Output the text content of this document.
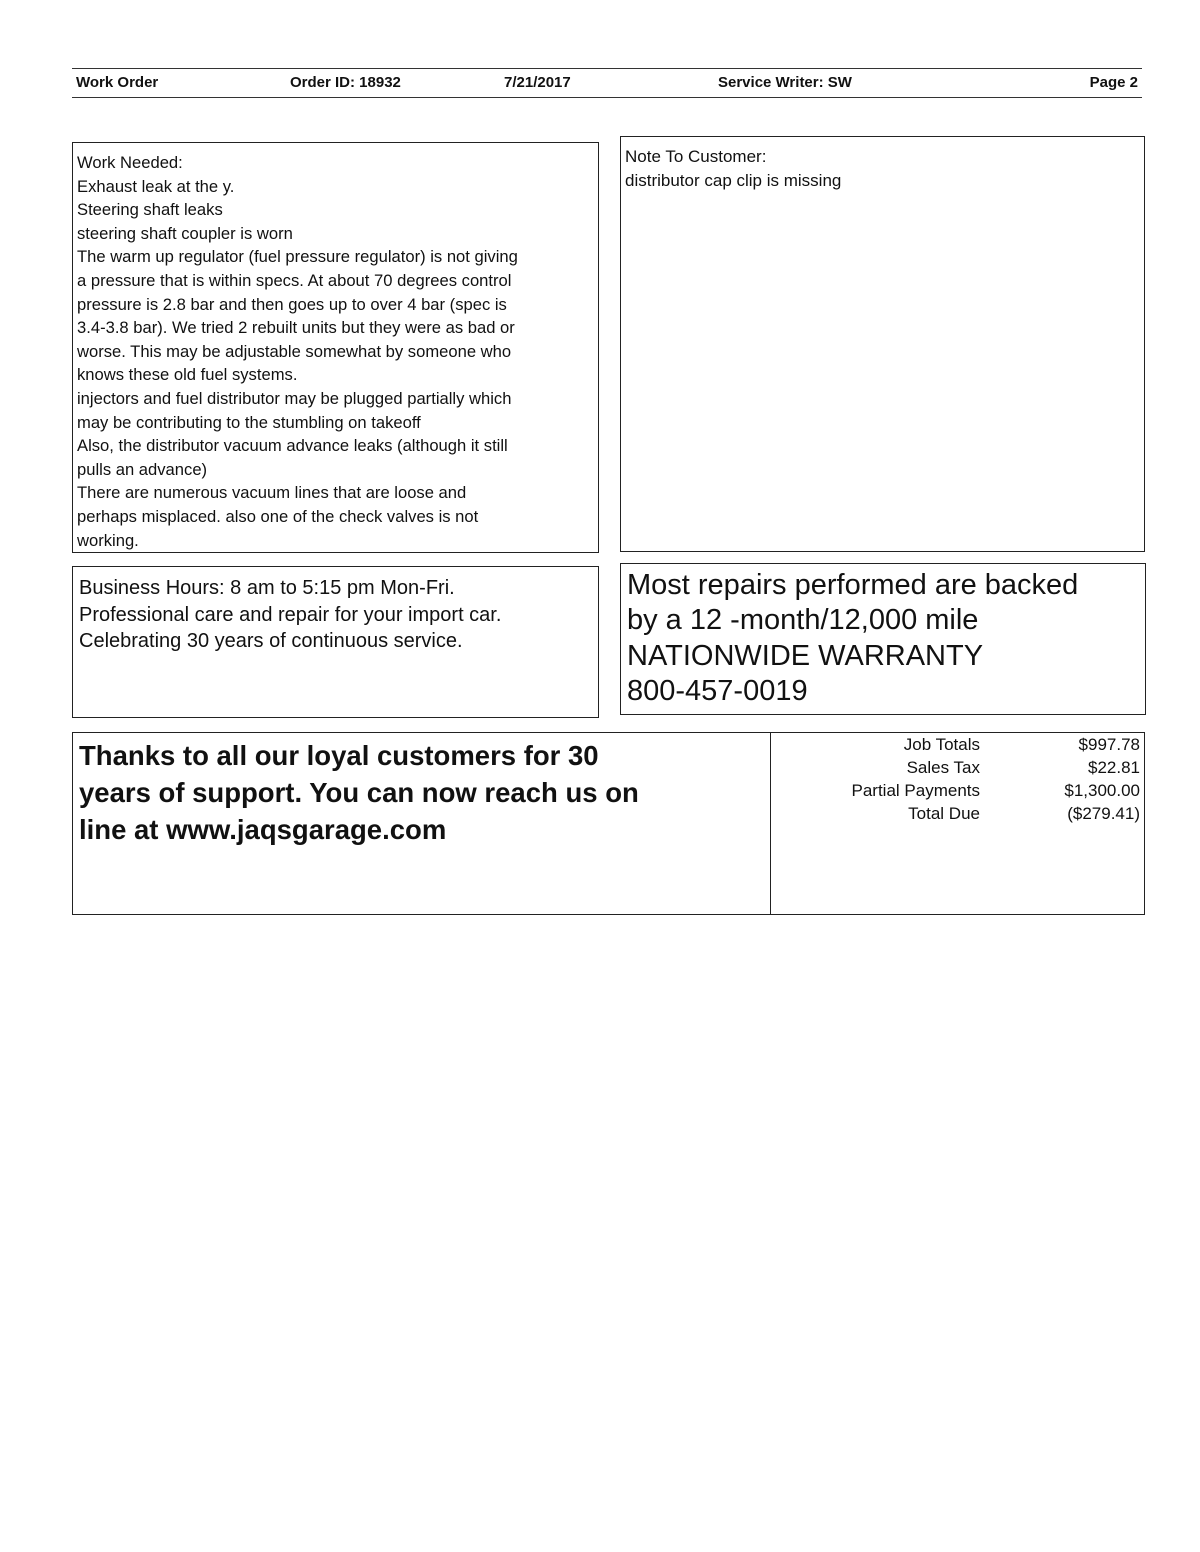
Work Order	Order ID: 18932	7/21/2017	Service Writer: SW	Page 2
Work Needed:
Exhaust leak at the y.
Steering shaft leaks
steering shaft coupler is worn
The warm up regulator (fuel pressure regulator) is not giving
a pressure that is within specs. At about 70 degrees control
pressure is 2.8 bar and then goes up to over 4 bar (spec is
3.4-3.8 bar). We tried 2 rebuilt units but they were as bad or
worse. This may be adjustable somewhat by someone who
knows these old fuel systems.
injectors and fuel distributor may be plugged partially which
may be contributing to the stumbling on takeoff
Also, the distributor vacuum advance leaks (although it still
pulls an advance)
There are numerous vacuum lines that are loose and
perhaps misplaced. also one of the check valves is not
working.
Note To Customer:
distributor cap clip is missing
Business Hours: 8 am to 5:15 pm Mon-Fri.
Professional care and repair for your import car.
Celebrating 30 years of continuous service.
Most repairs performed are backed
by a 12 -month/12,000 mile
NATIONWIDE WARRANTY
800-457-0019
Thanks to all our loyal customers for 30
years of support. You can now reach us on
line at www.jaqsgarage.com
Job Totals	$997.78
Sales Tax	$22.81
Partial Payments	$1,300.00
Total Due	($279.41)
